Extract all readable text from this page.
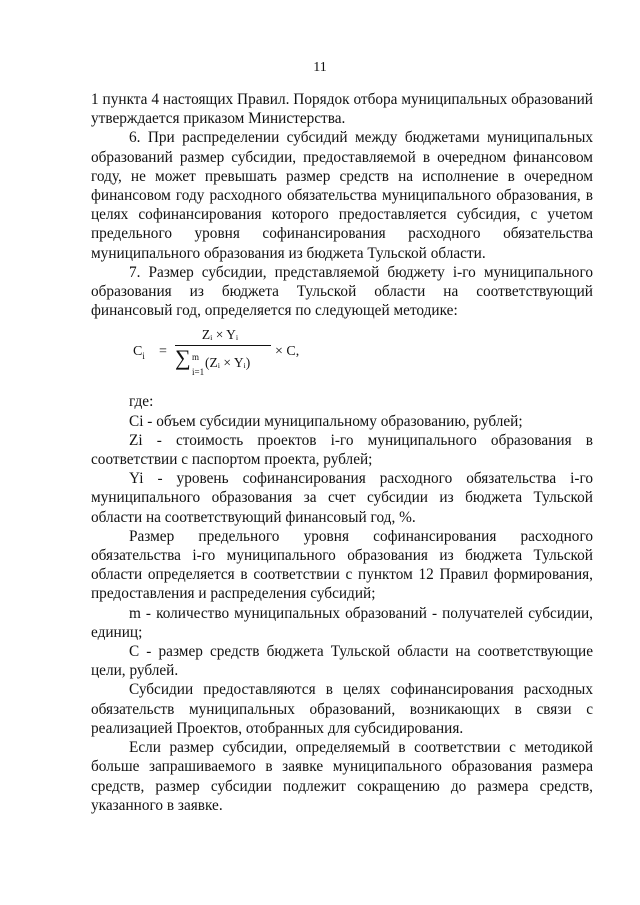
11

1 пункта 4 настоящих Правил. Порядок отбора муниципальных образований утверждается приказом Министерства.

6. При распределении субсидий между бюджетами муниципальных образований размер субсидии, предоставляемой в очередном финансовом году, не может превышать размер средств на исполнение в очередном финансовом году расходного обязательства муниципального образования, в целях софинансирования которого предоставляется субсидия, с учетом предельного уровня софинансирования расходного обязательства муниципального образования из бюджета Тульской области.

7. Размер субсидии, представляемой бюджету i-го муниципального образования из бюджета Тульской области на соответствующий финансовый год, определяется по следующей методике:

$C_i$ =
Zᵢ × Yᵢ
∑ m
i=1
(Zᵢ × Yᵢ)
× C,

где:

Ci - объем субсидии муниципальному образованию, рублей;

Zi - стоимость проектов i-го муниципального образования в соответствии с паспортом проекта, рублей;

Yi - уровень софинансирования расходного обязательства i-го муниципального образования за счет субсидии из бюджета Тульской области на соответствующий финансовый год, %.

Размер предельного уровня софинансирования расходного обязательства i-го муниципального образования из бюджета Тульской области определяется в соответствии с пунктом 12 Правил формирования, предоставления и распределения субсидий;

m - количество муниципальных образований - получателей субсидии, единиц;

C - размер средств бюджета Тульской области на соответствующие цели, рублей.

Субсидии предоставляются в целях софинансирования расходных обязательств муниципальных образований, возникающих в связи с реализацией Проектов, отобранных для субсидирования.

Если размер субсидии, определяемый в соответствии с методикой больше запрашиваемого в заявке муниципального образования размера средств, размер субсидии подлежит сокращению до размера средств, указанного в заявке.
